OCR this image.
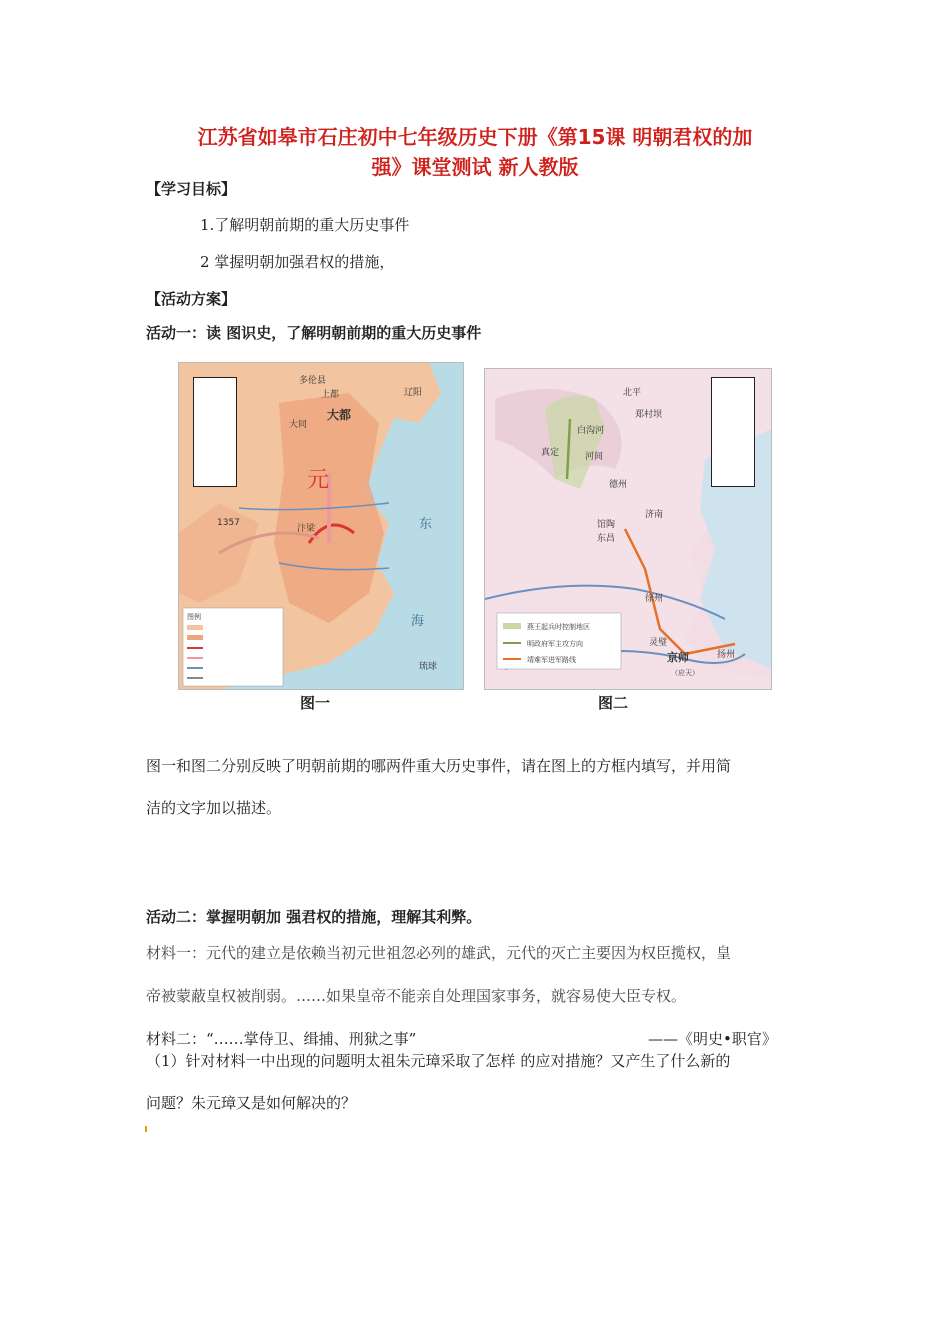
江苏省如皋市石庄初中七年级历史下册《第15课 明朝君权的加
强》课堂测试 新人教版
【学习目标】
1.了解明朝前期的重大历史事件
2 掌握明朝加强君权的措施，
【活动方案】
活动一：读 图识史，了解明朝前期的重大历史事件
多伦县
上都	辽阳
大都
大同
元
1357
汴梁	东
海
琉球
图例
图一
北平
郑村坝
白沟河
真定	河间
德州
济南
馆陶
东昌
徐州
灵璧
京师
（应天）
扬州
燕王起兵时控制地区
明政府军主攻方向
靖难军进军路线
图二
图一和图二分别反映了明朝前期的哪两件重大历史事件，请在图上的方框内填写，并用简
洁的文字加以描述。
活动二：掌握明朝加 强君权的措施，理解其利弊。
材料一：元代的建立是依赖当初元世祖忽必列的雄武，元代的灭亡主要因为权臣揽权，皇
帝被蒙蔽皇权被削弱。……如果皇帝不能亲自处理国家事务，就容易使大臣专权。
材料二：“……掌侍卫、缉捕、刑狱之事”	——《明史•职官》
（1）针对材料一中出现的问题明太祖朱元璋采取了怎样 的应对措施？又产生了什么新的
问题？朱元璋又是如何解决的？
